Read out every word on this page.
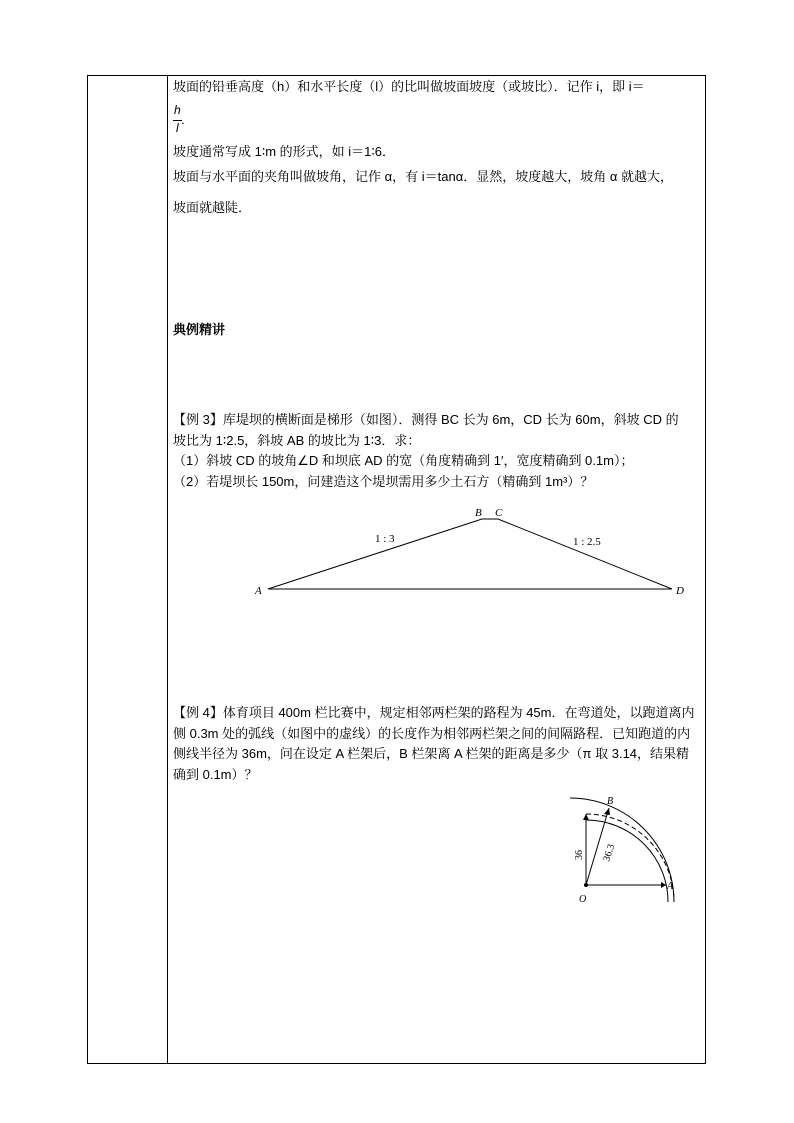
坡面的铅垂高度（h）和水平长度（l）的比叫做坡面坡度（或坡比）．记作 i，即 i＝
h
l
.
坡度通常写成 1∶m 的形式，如 i＝1∶6．
坡面与水平面的夹角叫做坡角，记作 α，有 i＝tanα．显然，坡度越大，坡角 α 就越大，
坡面就越陡．
典例精讲
【例 3】库堤坝的横断面是梯形（如图）．测得 BC 长为 6m，CD 长为 60m，斜坡 CD 的
坡比为 1∶2.5，斜坡 AB 的坡比为 1∶3．求：
（1）斜坡 CD 的坡角∠D 和坝底 AD 的宽（角度精确到 1′，宽度精确到 0.1m）；
（2）若堤坝长 150m，问建造这个堤坝需用多少土石方（精确到 1m³）？
A
B C
D
1 : 3	1 : 2.5
【例 4】体育项目 400m 栏比赛中，规定相邻两栏架的路程为 45m．在弯道处，以跑道离内侧 0.3m 处的弧线（如图中的虚线）的长度作为相邻两栏架之间的间隔路程．已知跑道的内侧线半径为 36m，问在设定 A 栏架后，B 栏架离 A 栏架的距离是多少（π 取 3.14，结果精确到 0.1m）？
O
A
B
36 36.3
